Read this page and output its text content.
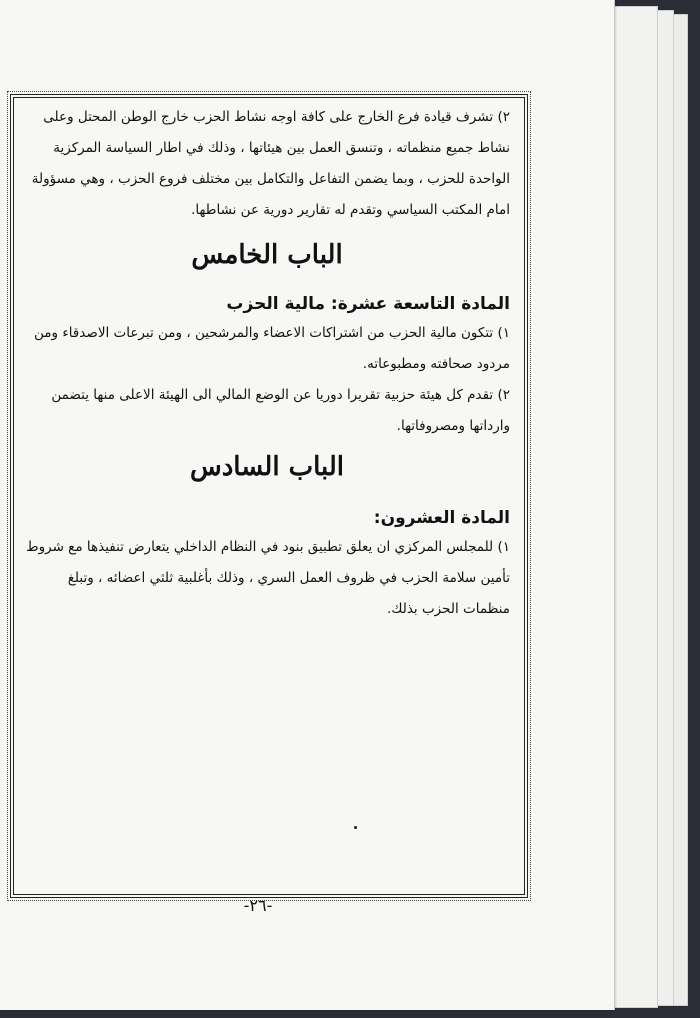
٢) تشرف قيادة فرع الخارج على كافة اوجه نشاط الحزب خارج الوطن المحتل وعلى نشاط جميع منظماته ، وتنسق العمل بين هيئاتها ، وذلك في اطار السياسة المركزية الواحدة للحزب ، وبما يضمن التفاعل والتكامل بين مختلف فروع الحزب ، وهي مسؤولة امام المكتب السياسي وتقدم له تقارير دورية عن نشاطها.

الباب الخامس

المادة التاسعة عشرة: مالية الحزب

١) تتكون مالية الحزب من اشتراكات الاعضاء والمرشحين ، ومن تبرعات الاصدقاء ومن مردود صحافته ومطبوعاته.

٢) تقدم كل هيئة حزبية تقريرا دوريا عن الوضع المالي الى الهيئة الاعلى منها يتضمن وارداتها ومصروفاتها.

الباب السادس

المادة العشرون:

١) للمجلس المركزي ان يعلق تطبيق بنود في النظام الداخلي يتعارض تنفيذها مع شروط تأمين سلامة الحزب في ظروف العمل السري ، وذلك بأغلبية ثلثي اعضائه ، وتبلغ منظمات الحزب بذلك.

-٢٦-
